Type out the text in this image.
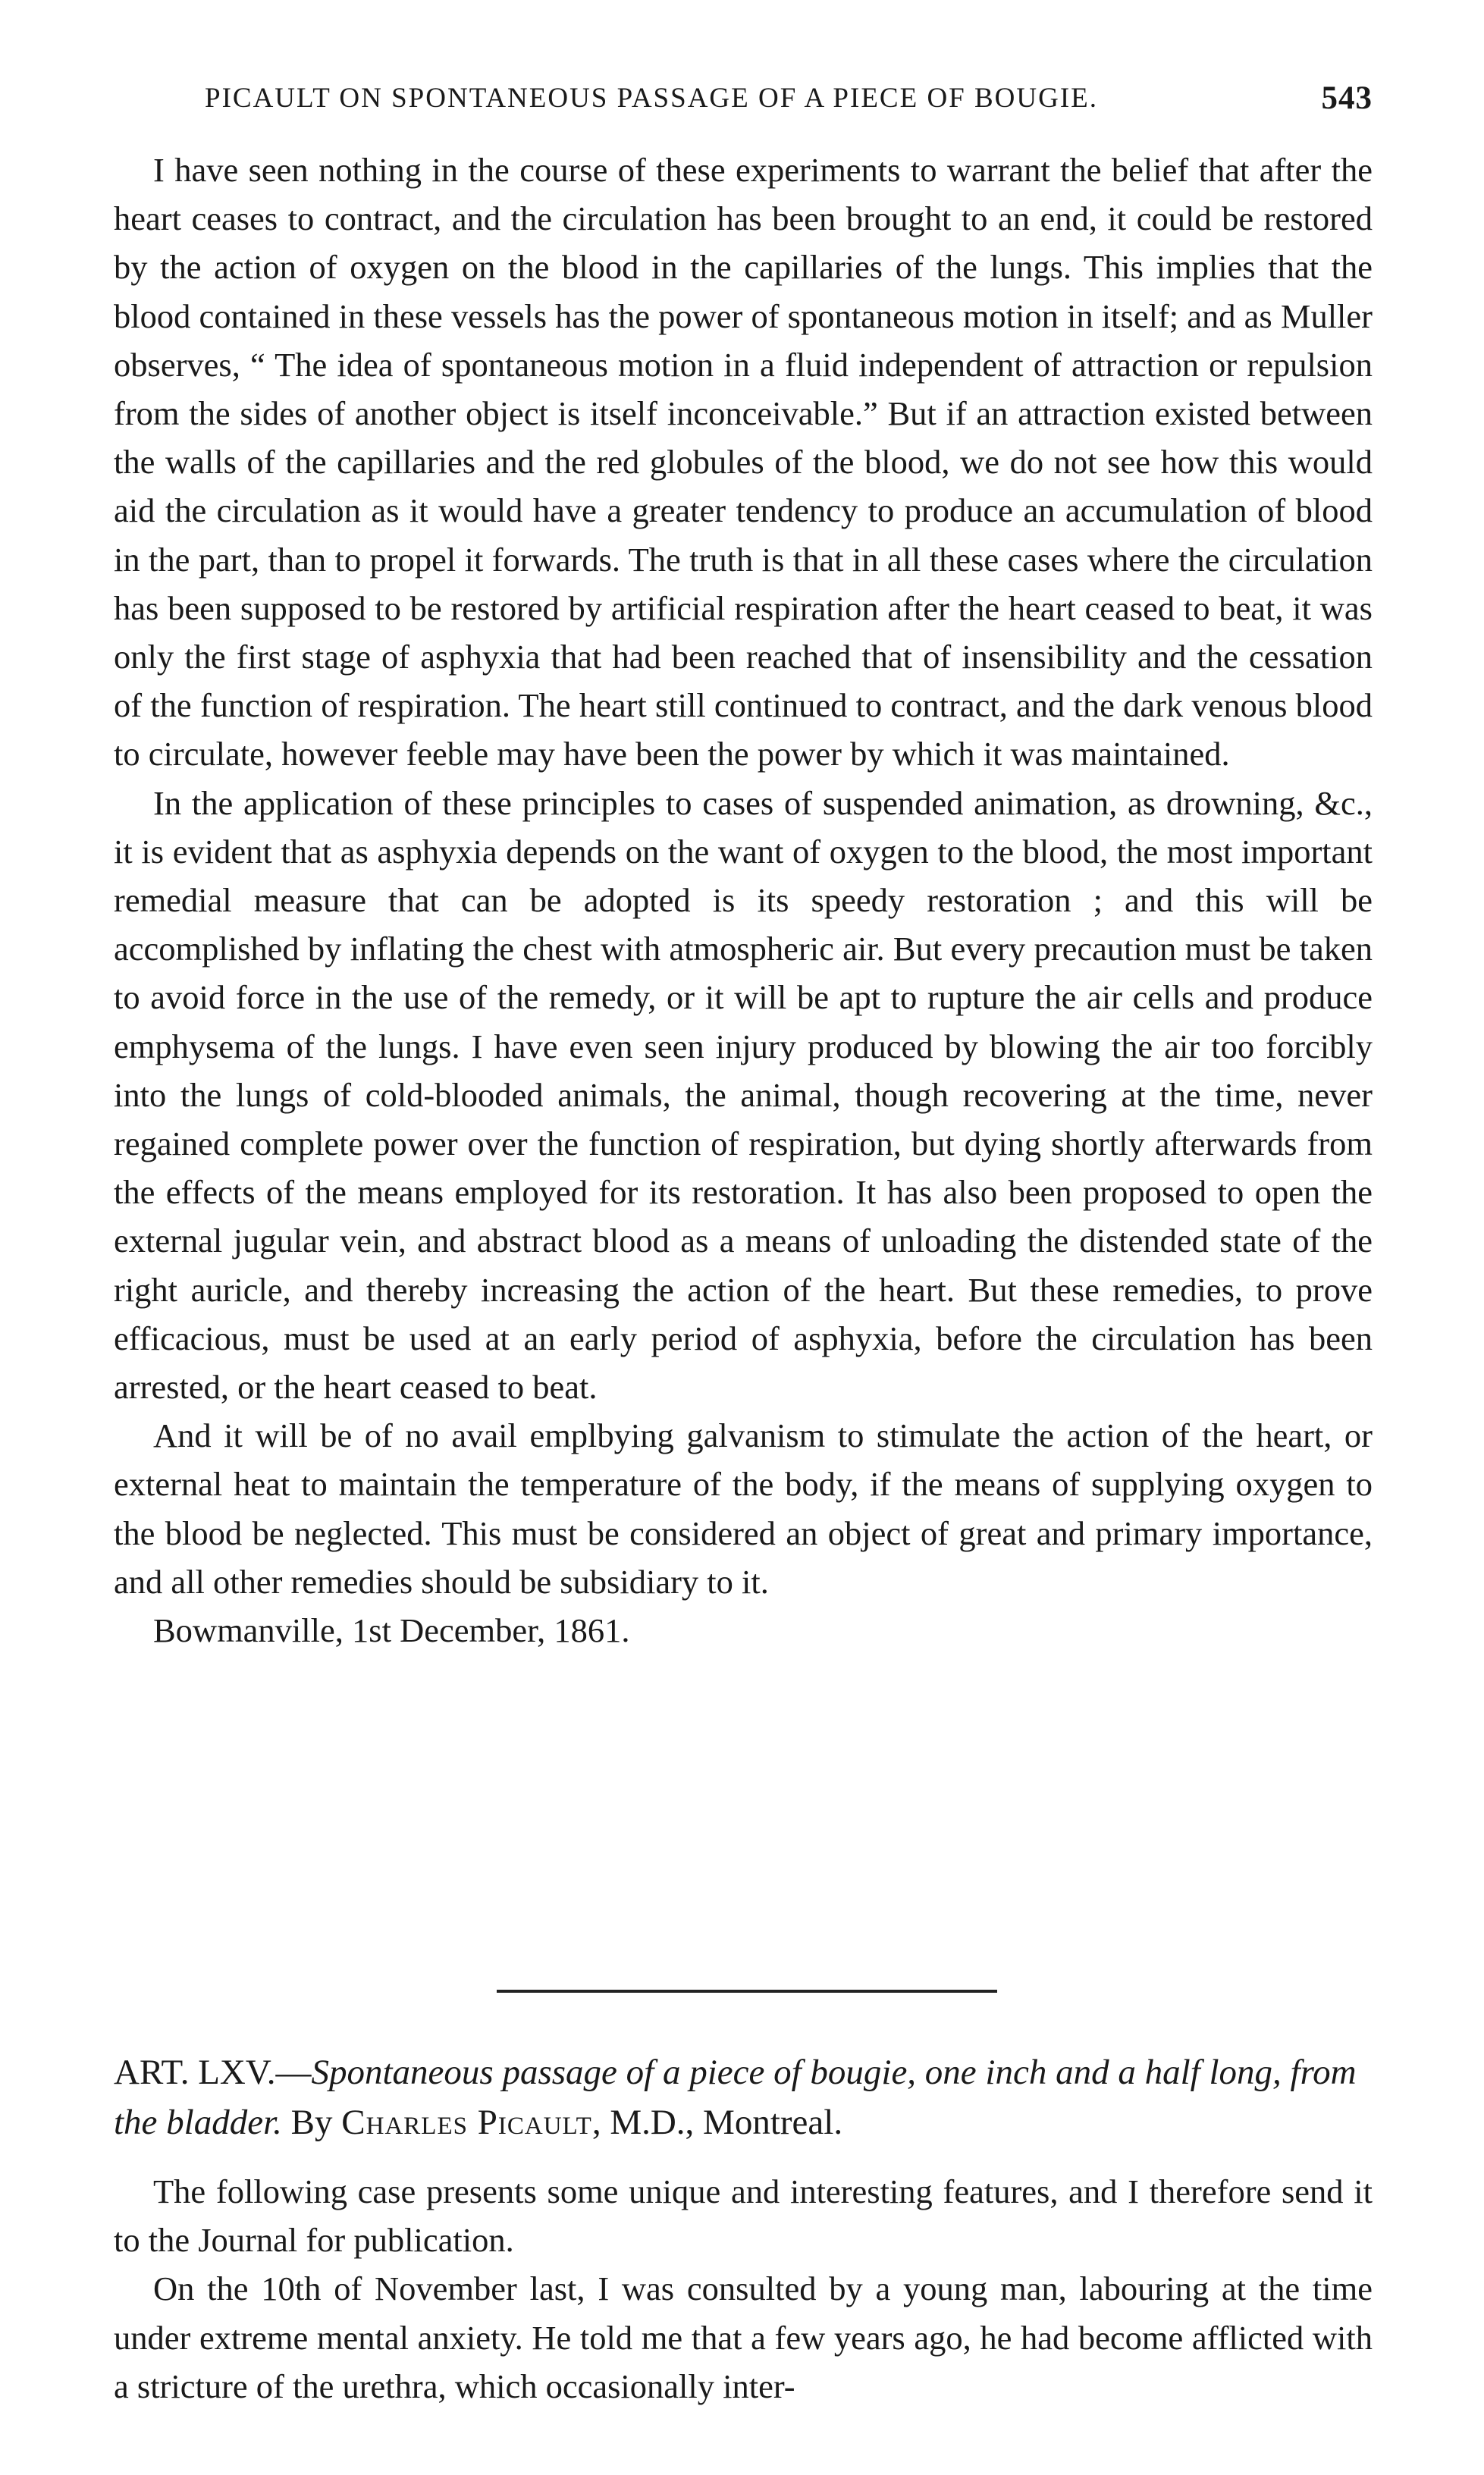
PICAULT ON SPONTANEOUS PASSAGE OF A PIECE OF BOUGIE.	543

I have seen nothing in the course of these experiments to warrant the belief that after the heart ceases to contract, and the circulation has been brought to an end, it could be restored by the action of oxygen on the blood in the capillaries of the lungs. This implies that the blood contained in these vessels has the power of spontaneous motion in itself; and as Muller observes, “ The idea of spontaneous motion in a fluid independent of attraction or repulsion from the sides of another object is itself inconceivable.” But if an attraction existed between the walls of the capillaries and the red globules of the blood, we do not see how this would aid the circulation as it would have a greater tendency to produce an accumulation of blood in the part, than to propel it forwards. The truth is that in all these cases where the circulation has been supposed to be restored by artificial respiration after the heart ceased to beat, it was only the first stage of asphyxia that had been reached that of insensibility and the cessation of the function of respiration. The heart still continued to contract, and the dark venous blood to circulate, however feeble may have been the power by which it was maintained.

In the application of these principles to cases of suspended animation, as drowning, &c., it is evident that as asphyxia depends on the want of oxygen to the blood, the most important remedial measure that can be adopted is its speedy restoration ; and this will be accomplished by inflating the chest with atmospheric air. But every precaution must be taken to avoid force in the use of the remedy, or it will be apt to rupture the air cells and produce emphysema of the lungs. I have even seen injury produced by blowing the air too forcibly into the lungs of cold-blooded animals, the animal, though recovering at the time, never regained complete power over the function of respiration, but dying shortly afterwards from the effects of the means employed for its restoration. It has also been proposed to open the external jugular vein, and abstract blood as a means of unloading the distended state of the right auricle, and thereby increasing the action of the heart. But these remedies, to prove efficacious, must be used at an early period of asphyxia, before the circulation has been arrested, or the heart ceased to beat.

And it will be of no avail emplbying galvanism to stimulate the action of the heart, or external heat to maintain the temperature of the body, if the means of supplying oxygen to the blood be neglected. This must be considered an object of great and primary importance, and all other remedies should be subsidiary to it.

Bowmanville, 1st December, 1861.

ART. LXV.—Spontaneous passage of a piece of bougie, one inch and a half long, from the bladder. By Charles Picault, M.D., Montreal.

The following case presents some unique and interesting features, and I therefore send it to the Journal for publication.

On the 10th of November last, I was consulted by a young man, labouring at the time under extreme mental anxiety. He told me that a few years ago, he had become afflicted with a stricture of the urethra, which occasionally inter-
